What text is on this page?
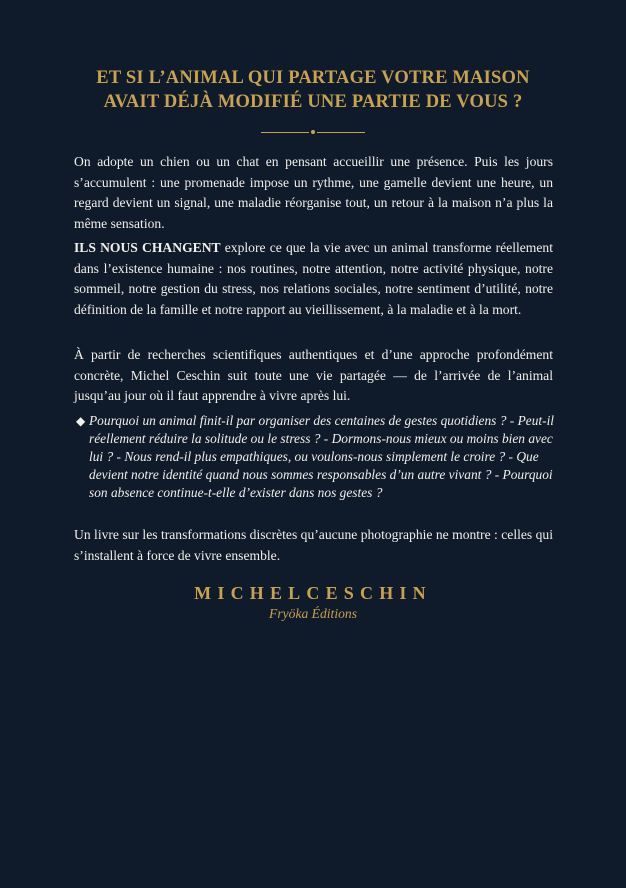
ET SI L’ANIMAL QUI PARTAGE VOTRE MAISON
AVAIT DÉJÀ MODIFIÉ UNE PARTIE DE VOUS ?

On adopte un chien ou un chat en pensant accueillir une présence. Puis les jours s’accumulent : une promenade impose un rythme, une gamelle devient une heure, un regard devient un signal, une maladie réorganise tout, un retour à la maison n’a plus la même sensation.

ILS NOUS CHANGENT explore ce que la vie avec un animal transforme réellement dans l’existence humaine : nos routines, notre attention, notre activité physique, notre sommeil, notre gestion du stress, nos relations sociales, notre sentiment d’utilité, notre définition de la famille et notre rapport au vieillissement, à la maladie et à la mort.

À partir de recherches scientifiques authentiques et d’une approche profondément concrète, Michel Ceschin suit toute une vie partagée — de l’arrivée de l’animal jusqu’au jour où il faut apprendre à vivre après lui.

◆ Pourquoi un animal finit-il par organiser des centaines de gestes quotidiens ? - Peut-il réellement réduire la solitude ou le stress ? - Dormons-nous mieux ou moins bien avec lui ? - Nous rend-il plus empathiques, ou voulons-nous simplement le croire ? - Que devient notre identité quand nous sommes responsables d’un autre vivant ? - Pourquoi son absence continue-t-elle d’exister dans nos gestes ?

Un livre sur les transformations discrètes qu’aucune photographie ne montre : celles qui s’installent à force de vivre ensemble.

MICHELCESCHIN

Fryöka Éditions
